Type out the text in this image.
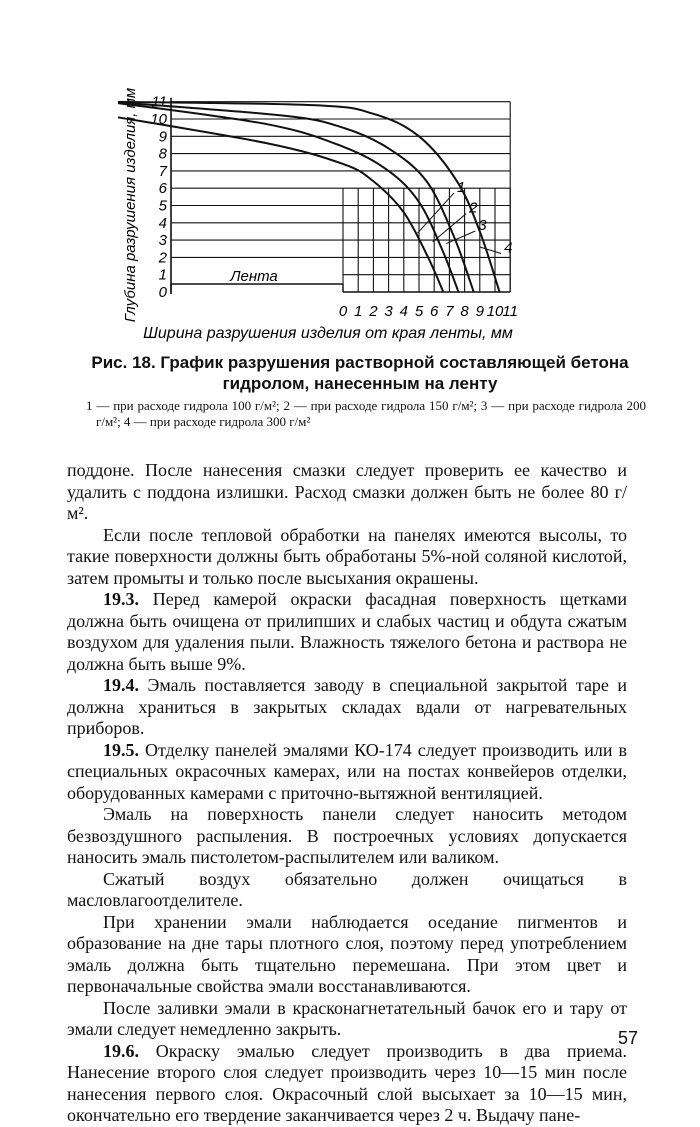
Глубина разрушения изделия, мм
Ширина разрушения изделия от края ленты, мм
0
1
2
3
4
5
6
7
8
9
10
11
0 1 2 3 4 5 6 7 8 9 10 11
1
2
3
4
Лента
Рис. 18. График разрушения растворной составляющей бетона гидролом, нанесенным на ленту
1 — при расходе гидрола 100 г/м²; 2 — при расходе гидрола 150 г/м²; 3 — при расходе гидрола 200 г/м²; 4 — при расходе гидрола 300 г/м²

поддоне. После нанесения смазки следует проверить ее качество и удалить с поддона излишки. Расход смазки должен быть не более 80 г/м².

Если после тепловой обработки на панелях имеются высолы, то такие поверхности должны быть обработаны 5%-ной соляной кислотой, затем промыты и только после высыхания окрашены.

19.3. Перед камерой окраски фасадная поверхность щетками должна быть очищена от прилипших и слабых частиц и обдута сжатым воздухом для удаления пыли. Влажность тяжелого бетона и раствора не должна быть выше 9%.

19.4. Эмаль поставляется заводу в специальной закрытой таре и должна храниться в закрытых складах вдали от нагревательных приборов.

19.5. Отделку панелей эмалями КО-174 следует производить или в специальных окрасочных камерах, или на постах конвейеров отделки, оборудованных камерами с приточно-вытяжной вентиляцией.

Эмаль на поверхность панели следует наносить методом безвоздушного распыления. В построечных условиях допускается наносить эмаль пистолетом-распылителем или валиком.

Сжатый воздух обязательно должен очищаться в масловлагоотделителе.

При хранении эмали наблюдается оседание пигментов и образование на дне тары плотного слоя, поэтому перед употреблением эмаль должна быть тщательно перемешана. При этом цвет и первоначальные свойства эмали восстанавливаются.

После заливки эмали в красконагнетательный бачок его и тару от эмали следует немедленно закрыть.

19.6. Окраску эмалью следует производить в два приема. Нанесение второго слоя следует производить через 10—15 мин после нанесения первого слоя. Окрасочный слой высыхает за 10—15 мин, окончательно его твердение заканчивается через 2 ч. Выдачу пане-

57
